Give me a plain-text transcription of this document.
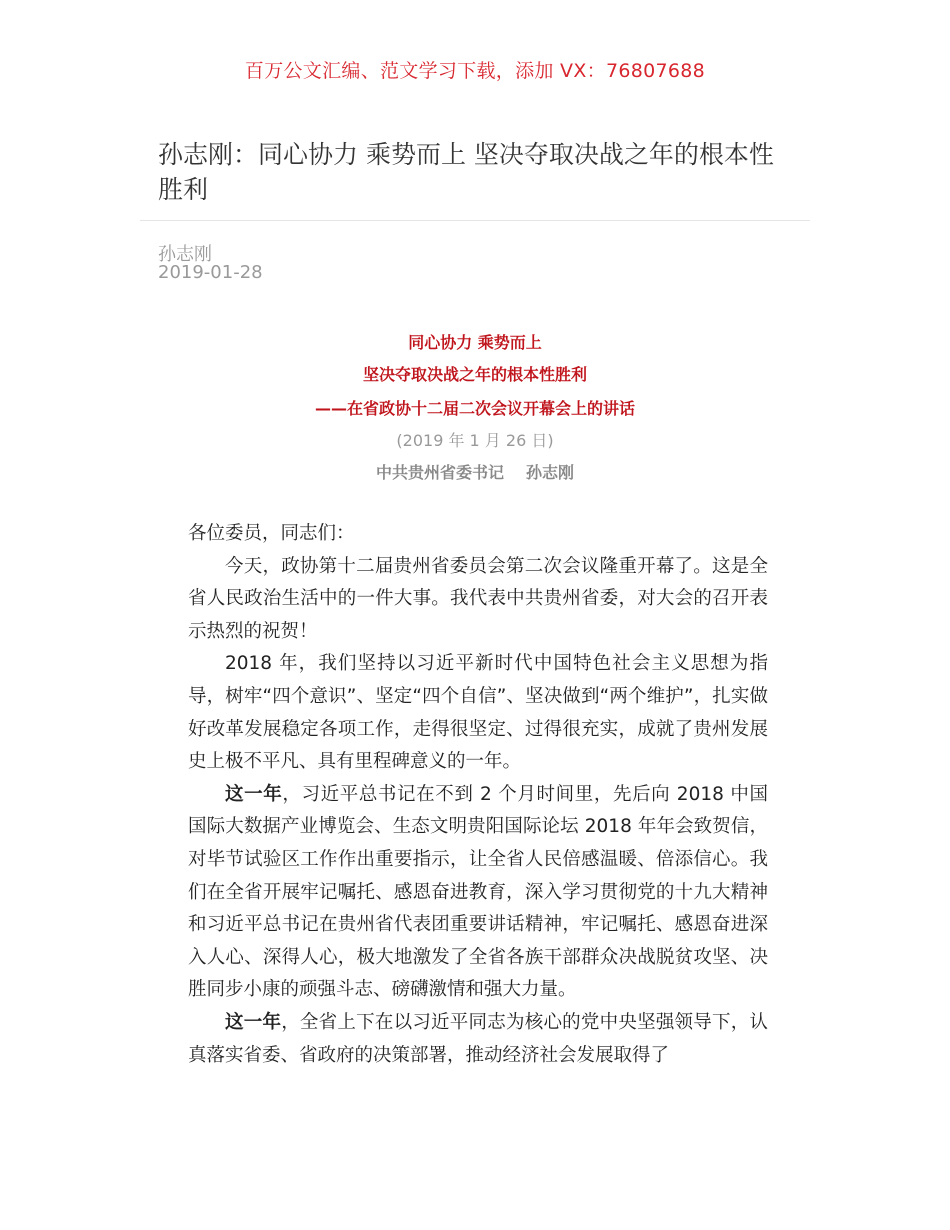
百万公文汇编、范文学习下载，添加 VX：76807688
孙志刚：同心协力 乘势而上 坚决夺取决战之年的根本性胜利
孙志刚
2019-01-28
同心协力 乘势而上
坚决夺取决战之年的根本性胜利
——在省政协十二届二次会议开幕会上的讲话
(2019 年 1 月 26 日)
中共贵州省委书记 孙志刚

各位委员，同志们：

今天，政协第十二届贵州省委员会第二次会议隆重开幕了。这是全省人民政治生活中的一件大事。我代表中共贵州省委，对大会的召开表示热烈的祝贺！

2018 年，我们坚持以习近平新时代中国特色社会主义思想为指导，树牢“四个意识”、坚定“四个自信”、坚决做到“两个维护”，扎实做好改革发展稳定各项工作，走得很坚定、过得很充实，成就了贵州发展史上极不平凡、具有里程碑意义的一年。

这一年，习近平总书记在不到 2 个月时间里，先后向 2018 中国国际大数据产业博览会、生态文明贵阳国际论坛 2018 年年会致贺信，对毕节试验区工作作出重要指示，让全省人民倍感温暖、倍添信心。我们在全省开展牢记嘱托、感恩奋进教育，深入学习贯彻党的十九大精神和习近平总书记在贵州省代表团重要讲话精神，牢记嘱托、感恩奋进深入人心、深得人心，极大地激发了全省各族干部群众决战脱贫攻坚、决胜同步小康的顽强斗志、磅礴激情和强大力量。

这一年，全省上下在以习近平同志为核心的党中央坚强领导下，认真落实省委、省政府的决策部署，推动经济社会发展取得了
